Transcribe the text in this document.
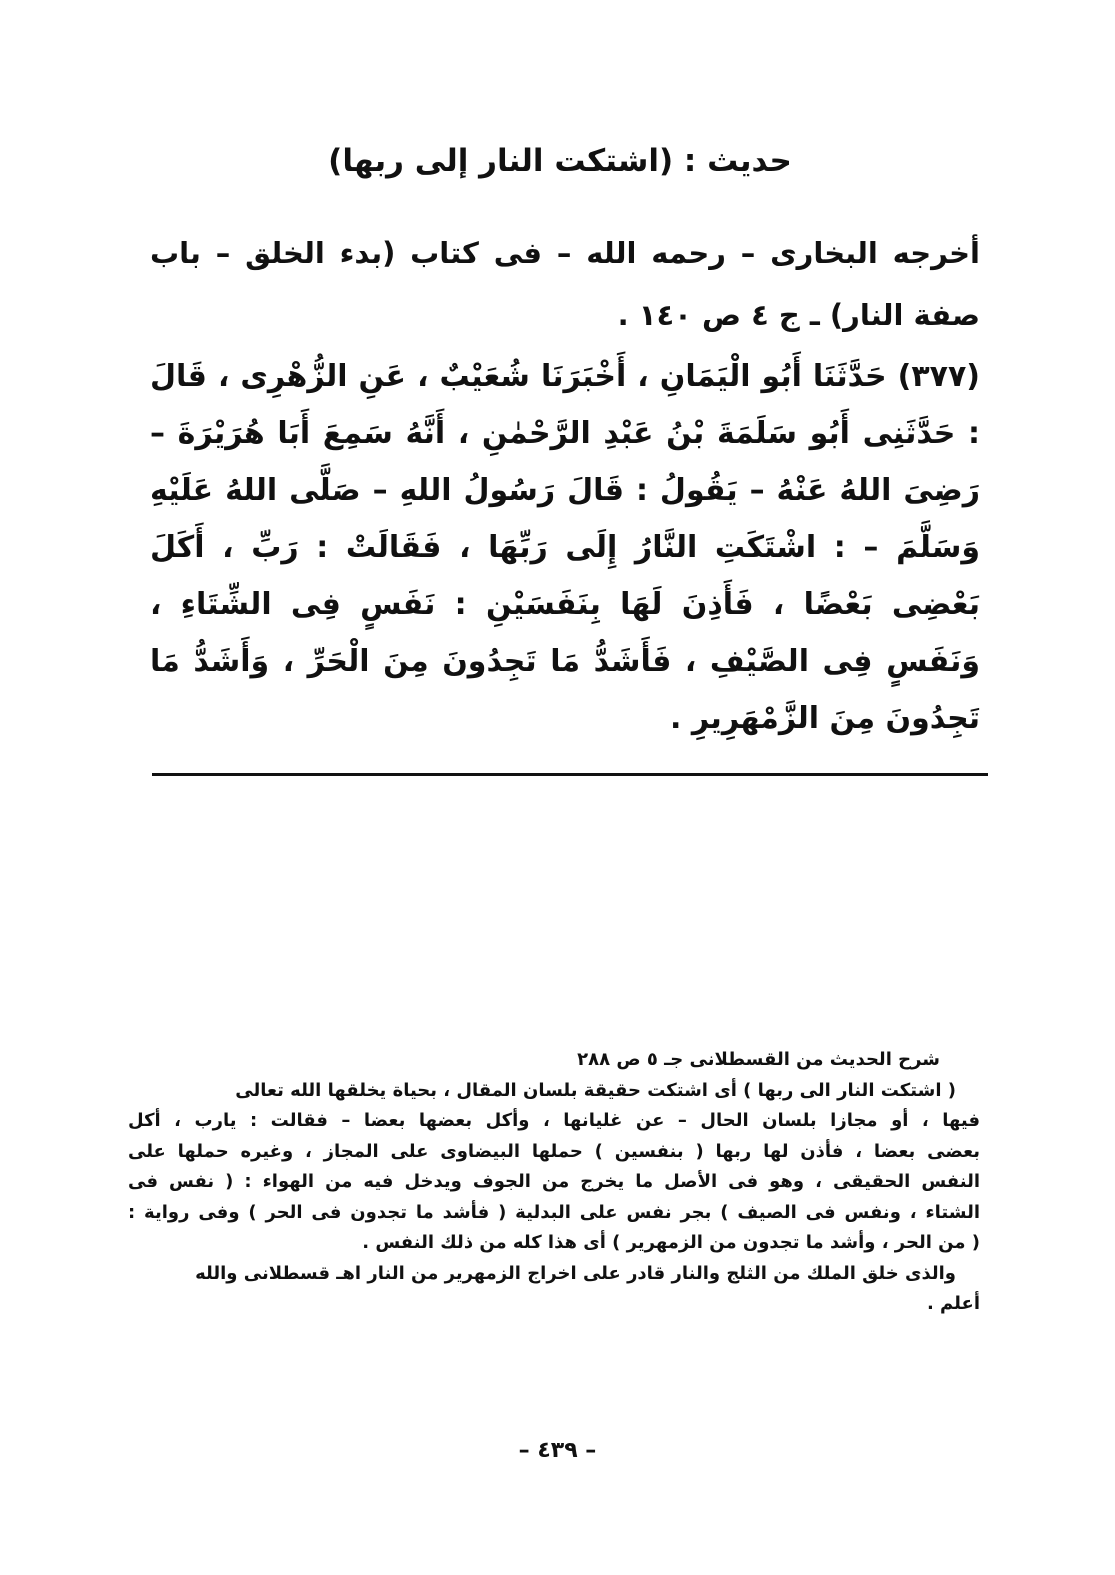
حديث : (اشتكت النار إلى ربها)
أخرجه البخارى – رحمه الله – فى كتاب (بدء الخلق – باب صفة النار) ـ ج ٤ ص ١٤٠ .
(٣٧٧) حَدَّثَنَا أَبُو الْيَمَانِ ، أَخْبَرَنَا شُعَيْبٌ ، عَنِ الزُّهْرِى ، قَالَ : حَدَّثَنِى أَبُو سَلَمَةَ بْنُ عَبْدِ الرَّحْمٰنِ ، أَنَّهُ سَمِعَ أَبَا هُرَيْرَةَ – رَضِىَ اللهُ عَنْهُ – يَقُولُ : قَالَ رَسُولُ اللهِ – صَلَّى اللهُ عَلَيْهِ وَسَلَّمَ – : اشْتَكَتِ النَّارُ إِلَى رَبِّهَا ، فَقَالَتْ : رَبِّ ، أَكَلَ بَعْضِى بَعْضًا ، فَأَذِنَ لَهَا بِنَفَسَيْنِ : نَفَسٍ فِى الشِّتَاءِ ، وَنَفَسٍ فِى الصَّيْفِ ، فَأَشَدُّ مَا تَجِدُونَ مِنَ الْحَرِّ ، وَأَشَدُّ مَا تَجِدُونَ مِنَ الزَّمْهَرِيرِ .
شرح الحديث من القسطلانى جـ ٥ ص ٢٨٨
( اشتكت النار الى ربها ) أى اشتكت حقيقة بلسان المقال ، بحياة يخلقها الله تعالى
فيها ، أو مجازا بلسان الحال – عن غليانها ، وأكل بعضها بعضا – فقالت : يارب ، أكل
بعضى بعضا ، فأذن لها ربها ( بنفسين ) حملها البيضاوى على المجاز ، وغيره حملها على
النفس الحقيقى ، وهو فى الأصل ما يخرج من الجوف ويدخل فيه من الهواء : ( نفس فى
الشتاء ، ونفس فى الصيف ) بجر نفس على البدلية ( فأشد ما تجدون فى الحر ) وفى رواية :
( من الحر ، وأشد ما تجدون من الزمهرير ) أى هذا كله من ذلك النفس .
والذى خلق الملك من الثلج والنار قادر على اخراج الزمهرير من النار اهـ قسطلانى والله
أعلم .
– ٤٣٩ –
